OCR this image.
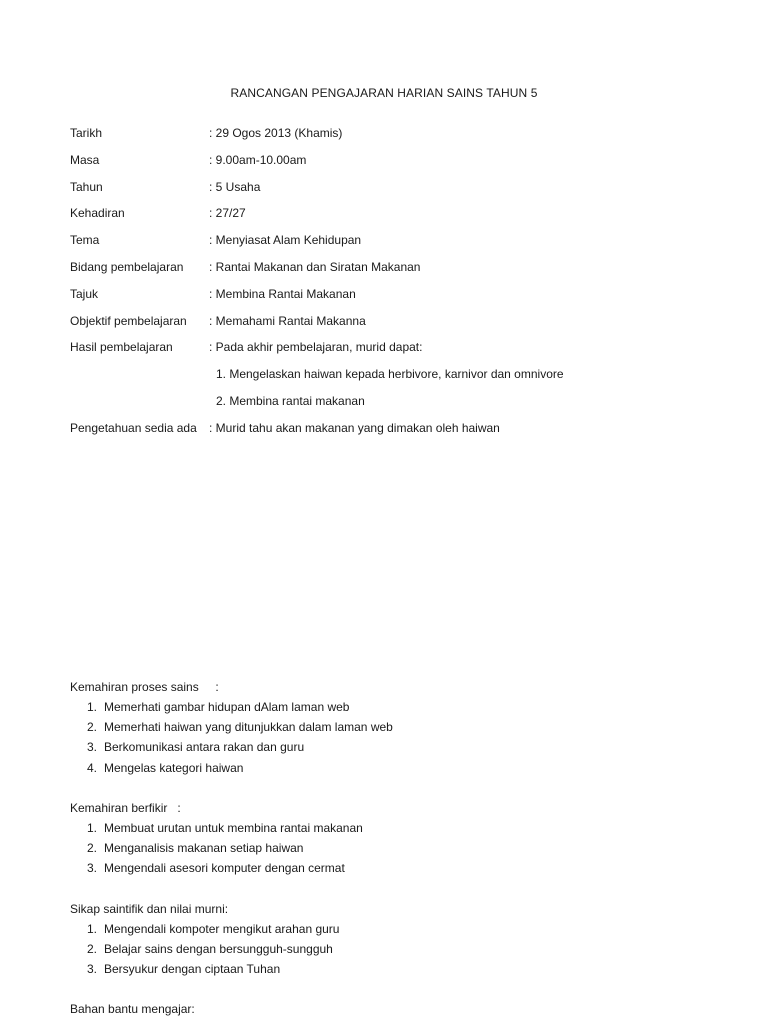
RANCANGAN PENGAJARAN HARIAN SAINS TAHUN 5
Tarikh	: 29 Ogos 2013 (Khamis)
Masa	: 9.00am-10.00am
Tahun	: 5 Usaha
Kehadiran	: 27/27
Tema	: Menyiasat Alam Kehidupan
Bidang pembelajaran	: Rantai Makanan dan Siratan Makanan
Tajuk	: Membina Rantai Makanan
Objektif pembelajaran	: Memahami Rantai Makanna
Hasil pembelajaran	: Pada akhir pembelajaran, murid dapat:
1. Mengelaskan haiwan kepada herbivore, karnivor dan omnivore
2. Membina rantai makanan
Pengetahuan sedia ada	: Murid tahu akan makanan yang dimakan oleh haiwan
Kemahiran proses sains     :
1. Memerhati gambar hidupan dAlam laman web
2. Memerhati haiwan yang ditunjukkan dalam laman web
3. Berkomunikasi antara rakan dan guru
4. Mengelas kategori haiwan
Kemahiran berfikir   :
1. Membuat urutan untuk membina rantai makanan
2. Menganalisis makanan setiap haiwan
3. Mengendali asesori komputer dengan cermat
Sikap saintifik dan nilai murni:
1. Mengendali kompoter mengikut arahan guru
2. Belajar sains dengan bersungguh-sungguh
3. Bersyukur dengan ciptaan Tuhan
Bahan bantu mengajar:
